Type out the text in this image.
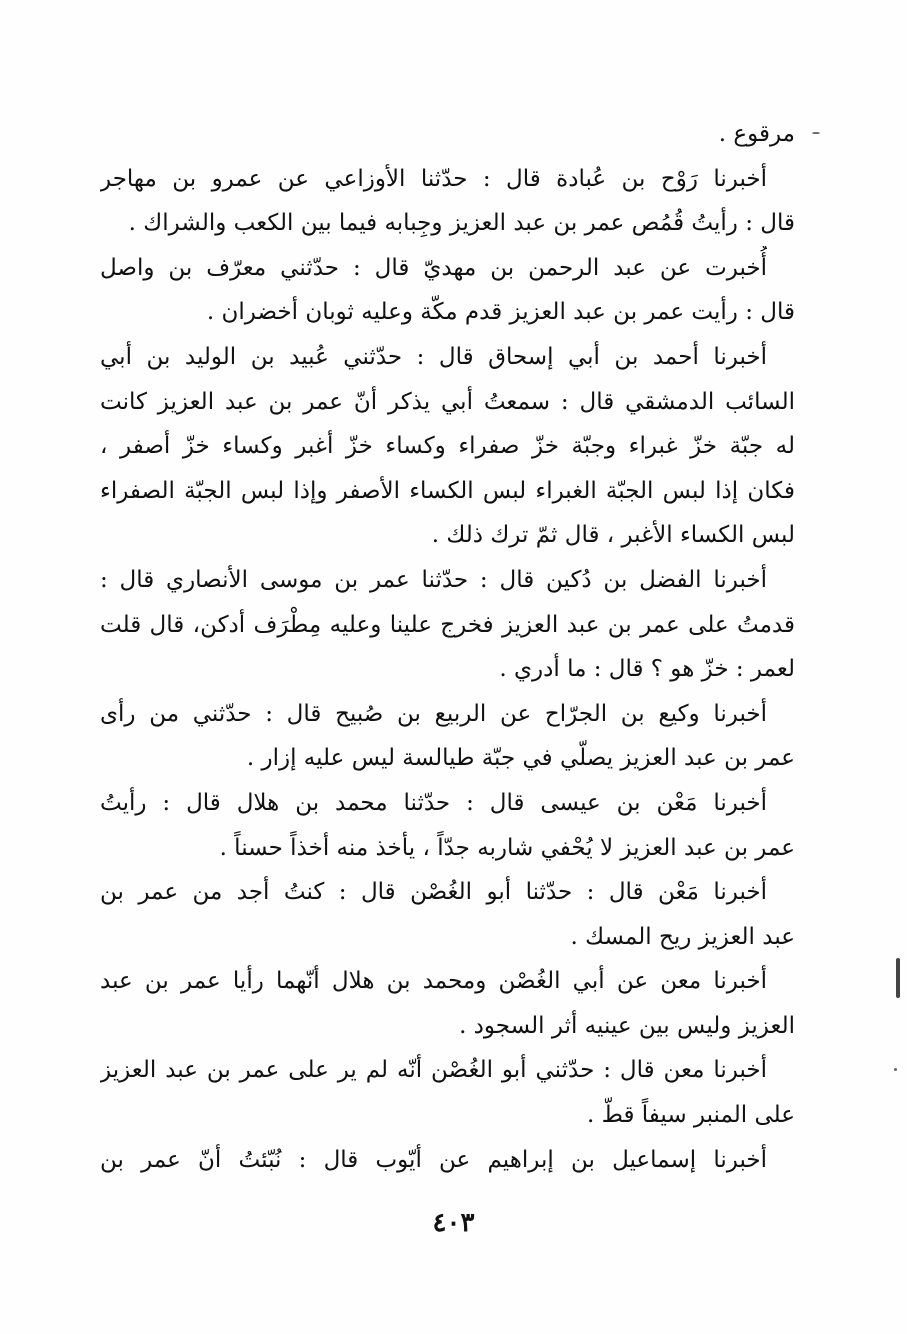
مرقوع .
أخبرنا رَوْح بن عُبادة قال : حدّثنا الأوزاعي عن عمرو بن مهاجر
قال : رأيتُ قُمُص عمر بن عبد العزيز وجِبابه فيما بين الكعب والشراك .
أُخبرت عن عبد الرحمن بن مهديّ قال : حدّثني معرّف بن واصل
قال : رأيت عمر بن عبد العزيز قدم مكّة وعليه ثوبان أخضران .
أخبرنا أحمد بن أبي إسحاق قال : حدّثني عُبيد بن الوليد بن أبي
السائب الدمشقي قال : سمعتُ أبي يذكر أنّ عمر بن عبد العزيز كانت
له جبّة خزّ غبراء وجبّة خزّ صفراء وكساء خزّ أغبر وكساء خزّ أصفر ،
فكان إذا لبس الجبّة الغبراء لبس الكساء الأصفر وإذا لبس الجبّة الصفراء
لبس الكساء الأغبر ، قال ثمّ ترك ذلك .
أخبرنا الفضل بن دُكين قال : حدّثنا عمر بن موسى الأنصاري قال :
قدمتُ على عمر بن عبد العزيز فخرج علينا وعليه مِطْرَف أدكن، قال قلت
لعمر : خزّ هو ؟ قال : ما أدري .
أخبرنا وكيع بن الجرّاح عن الربيع بن صُبيح قال : حدّثني من رأى
عمر بن عبد العزيز يصلّي في جبّة طيالسة ليس عليه إزار .
أخبرنا مَعْن بن عيسى قال : حدّثنا محمد بن هلال قال : رأيتُ
عمر بن عبد العزيز لا يُحْفي شاربه جدّاً ، يأخذ منه أخذاً حسناً .
أخبرنا مَعْن قال : حدّثنا أبو الغُصْن قال : كنتُ أجد من عمر بن
عبد العزيز ريح المسك .
أخبرنا معن عن أبي الغُصْن ومحمد بن هلال أنّهما رأيا عمر بن عبد
العزيز وليس بين عينيه أثر السجود .
أخبرنا معن قال : حدّثني أبو الغُصْن أنّه لم ير على عمر بن عبد العزيز
على المنبر سيفاً قطّ .
أخبرنا إسماعيل بن إبراهيم عن أيّوب قال : نُبّئتُ أنّ عمر بن
٤٠٣
